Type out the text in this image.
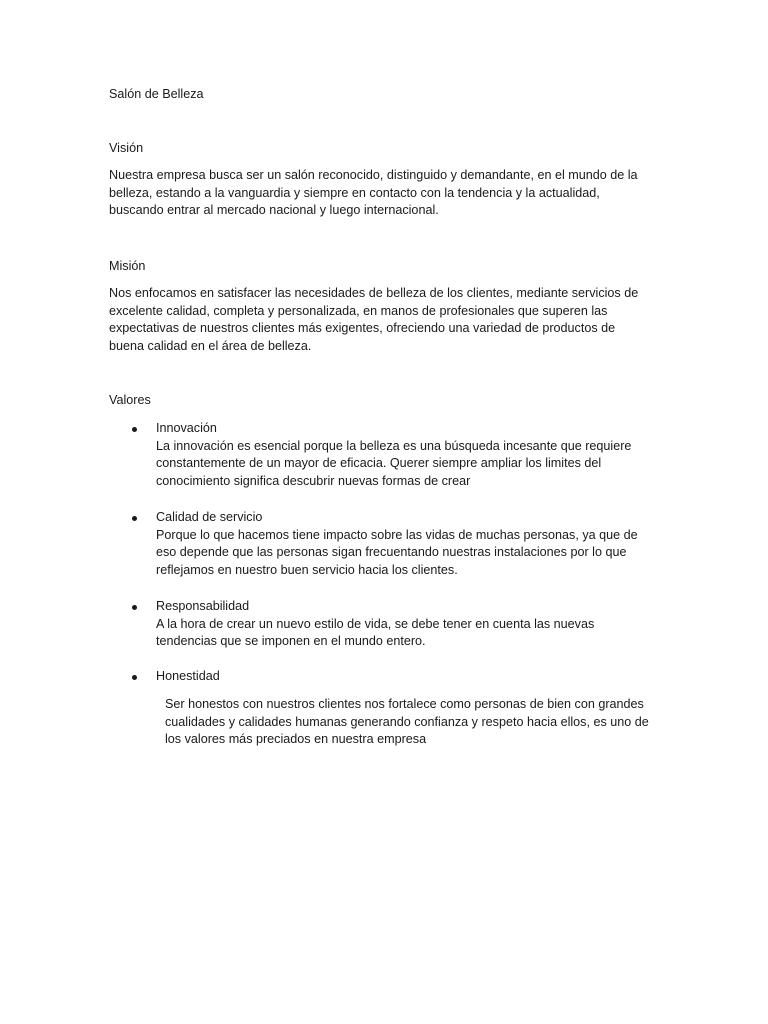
Salón de Belleza
Visión
Nuestra empresa busca ser un salón reconocido, distinguido y demandante, en el mundo de la
belleza, estando a la vanguardia y siempre en contacto con la tendencia y la actualidad,
buscando entrar al mercado nacional y luego internacional.
Misión
Nos enfocamos en satisfacer las necesidades de belleza de los clientes, mediante servicios de
excelente calidad, completa y personalizada, en manos de profesionales que superen las
expectativas de nuestros clientes más exigentes, ofreciendo una variedad de productos de
buena calidad en el área de belleza.
Valores
Innovación
La innovación es esencial porque la belleza es una búsqueda incesante que requiere
constantemente de un mayor de eficacia. Querer siempre ampliar los limites del
conocimiento significa descubrir nuevas formas de crear
Calidad de servicio
Porque lo que hacemos tiene impacto sobre las vidas de muchas personas, ya que de
eso depende que las personas sigan frecuentando nuestras instalaciones por lo que
reflejamos en nuestro buen servicio hacia los clientes.
Responsabilidad
A la hora de crear un nuevo estilo de vida, se debe tener en cuenta las nuevas
tendencias que se imponen en el mundo entero.
Honestidad
Ser honestos con nuestros clientes nos fortalece como personas de bien con grandes
cualidades y calidades humanas generando confianza y respeto hacia ellos, es uno de
los valores más preciados en nuestra empresa
